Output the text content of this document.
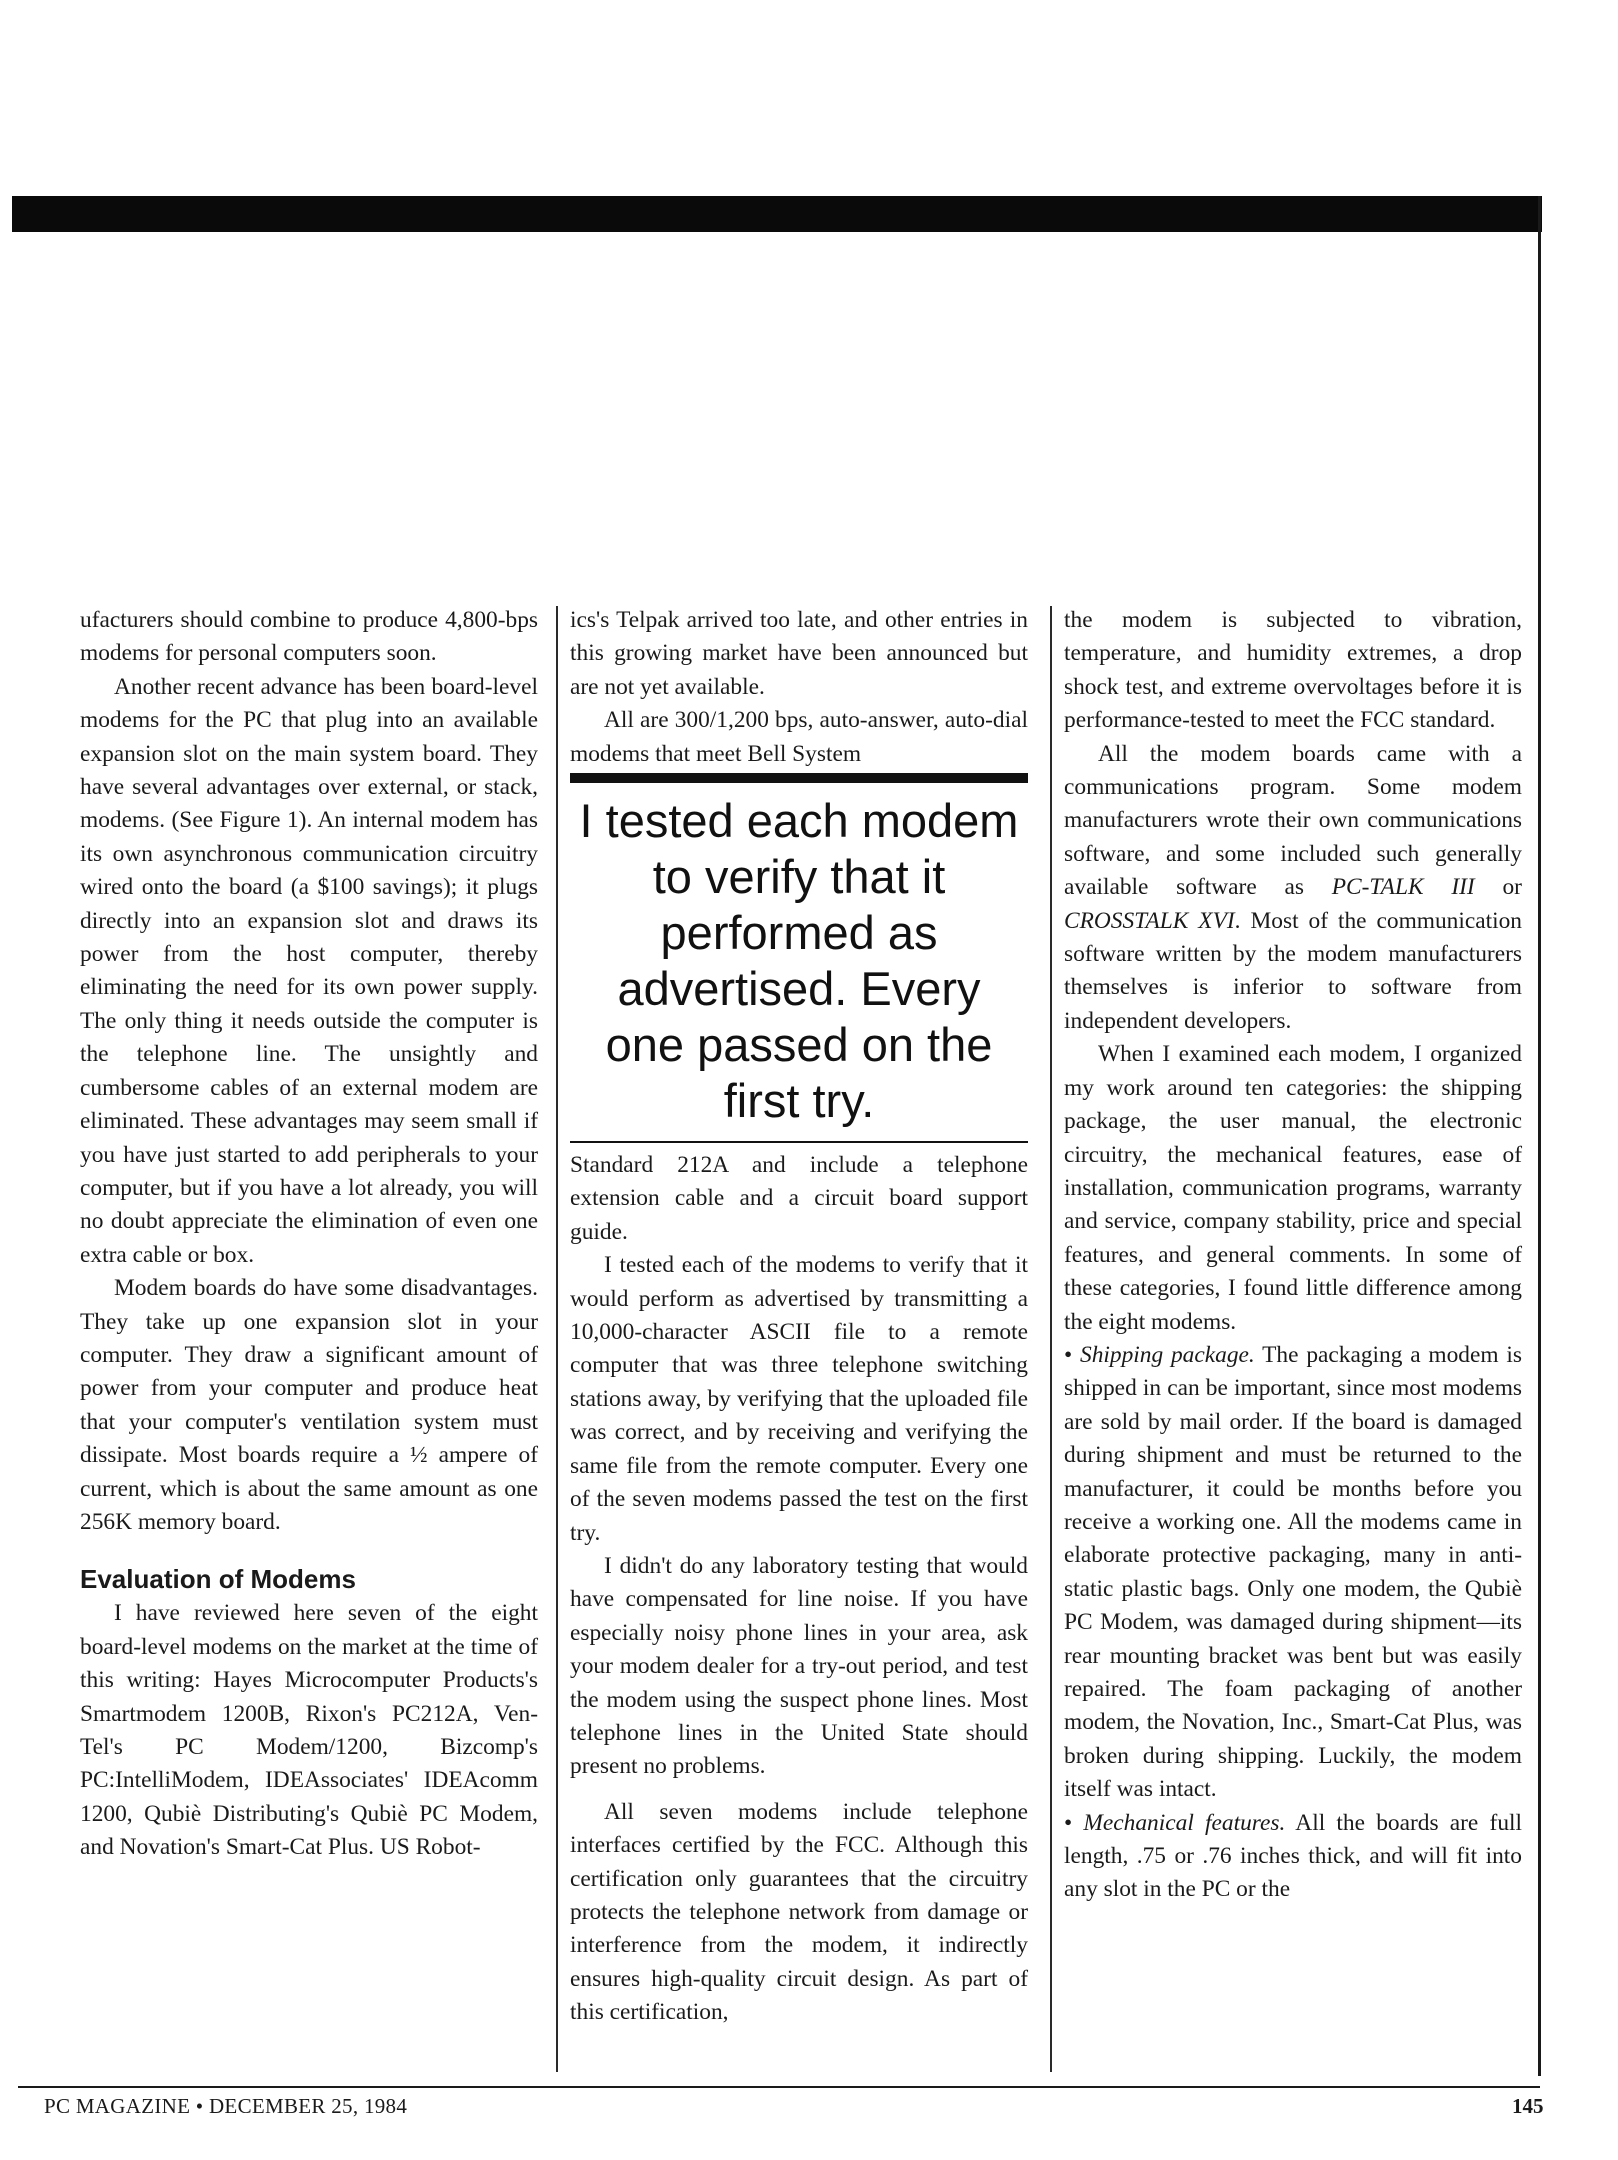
ufacturers should combine to produce 4,800-bps modems for personal computers soon.

Another recent advance has been board-level modems for the PC that plug into an available expansion slot on the main system board. They have several advantages over external, or stack, modems. (See Figure 1). An internal modem has its own asynchronous communication circuitry wired onto the board (a $100 savings); it plugs directly into an expansion slot and draws its power from the host computer, thereby eliminating the need for its own power supply. The only thing it needs outside the computer is the telephone line. The unsightly and cumbersome cables of an external modem are eliminated. These advantages may seem small if you have just started to add peripherals to your computer, but if you have a lot already, you will no doubt appreciate the elimination of even one extra cable or box.

Modem boards do have some disadvantages. They take up one expansion slot in your computer. They draw a significant amount of power from your computer and produce heat that your computer's ventilation system must dissipate. Most boards require a ½ ampere of current, which is about the same amount as one 256K memory board.

Evaluation of Modems

I have reviewed here seven of the eight board-level modems on the market at the time of this writing: Hayes Microcomputer Products's Smartmodem 1200B, Rixon's PC212A, Ven-Tel's PC Modem/1200, Bizcomp's PC:IntelliModem, IDEAssociates' IDEAcomm 1200, Qubiè Distributing's Qubiè PC Modem, and Novation's Smart-Cat Plus. US Robot-

ics's Telpak arrived too late, and other entries in this growing market have been announced but are not yet available.

All are 300/1,200 bps, auto-answer, auto-dial modems that meet Bell System

I tested each modem to verify that it performed as advertised. Every one passed on the first try.

Standard 212A and include a telephone extension cable and a circuit board support guide.

I tested each of the modems to verify that it would perform as advertised by transmitting a 10,000-character ASCII file to a remote computer that was three telephone switching stations away, by verifying that the uploaded file was correct, and by receiving and verifying the same file from the remote computer. Every one of the seven modems passed the test on the first try.

I didn't do any laboratory testing that would have compensated for line noise. If you have especially noisy phone lines in your area, ask your modem dealer for a try-out period, and test the modem using the suspect phone lines. Most telephone lines in the United State should present no problems.

All seven modems include telephone interfaces certified by the FCC. Although this certification only guarantees that the circuitry protects the telephone network from damage or interference from the modem, it indirectly ensures high-quality circuit design. As part of this certification,

the modem is subjected to vibration, temperature, and humidity extremes, a drop shock test, and extreme overvoltages before it is performance-tested to meet the FCC standard.

All the modem boards came with a communications program. Some modem manufacturers wrote their own communications software, and some included such generally available software as PC-TALK III or CROSSTALK XVI. Most of the communication software written by the modem manufacturers themselves is inferior to software from independent developers.

When I examined each modem, I organized my work around ten categories: the shipping package, the user manual, the electronic circuitry, the mechanical features, ease of installation, communication programs, warranty and service, company stability, price and special features, and general comments. In some of these categories, I found little difference among the eight modems.

• Shipping package. The packaging a modem is shipped in can be important, since most modems are sold by mail order. If the board is damaged during shipment and must be returned to the manufacturer, it could be months before you receive a working one. All the modems came in elaborate protective packaging, many in anti-static plastic bags. Only one modem, the Qubiè PC Modem, was damaged during shipment—its rear mounting bracket was bent but was easily repaired. The foam packaging of another modem, the Novation, Inc., Smart-Cat Plus, was broken during shipping. Luckily, the modem itself was intact.

• Mechanical features. All the boards are full length, .75 or .76 inches thick, and will fit into any slot in the PC or the

PC MAGAZINE • DECEMBER 25, 1984	145
